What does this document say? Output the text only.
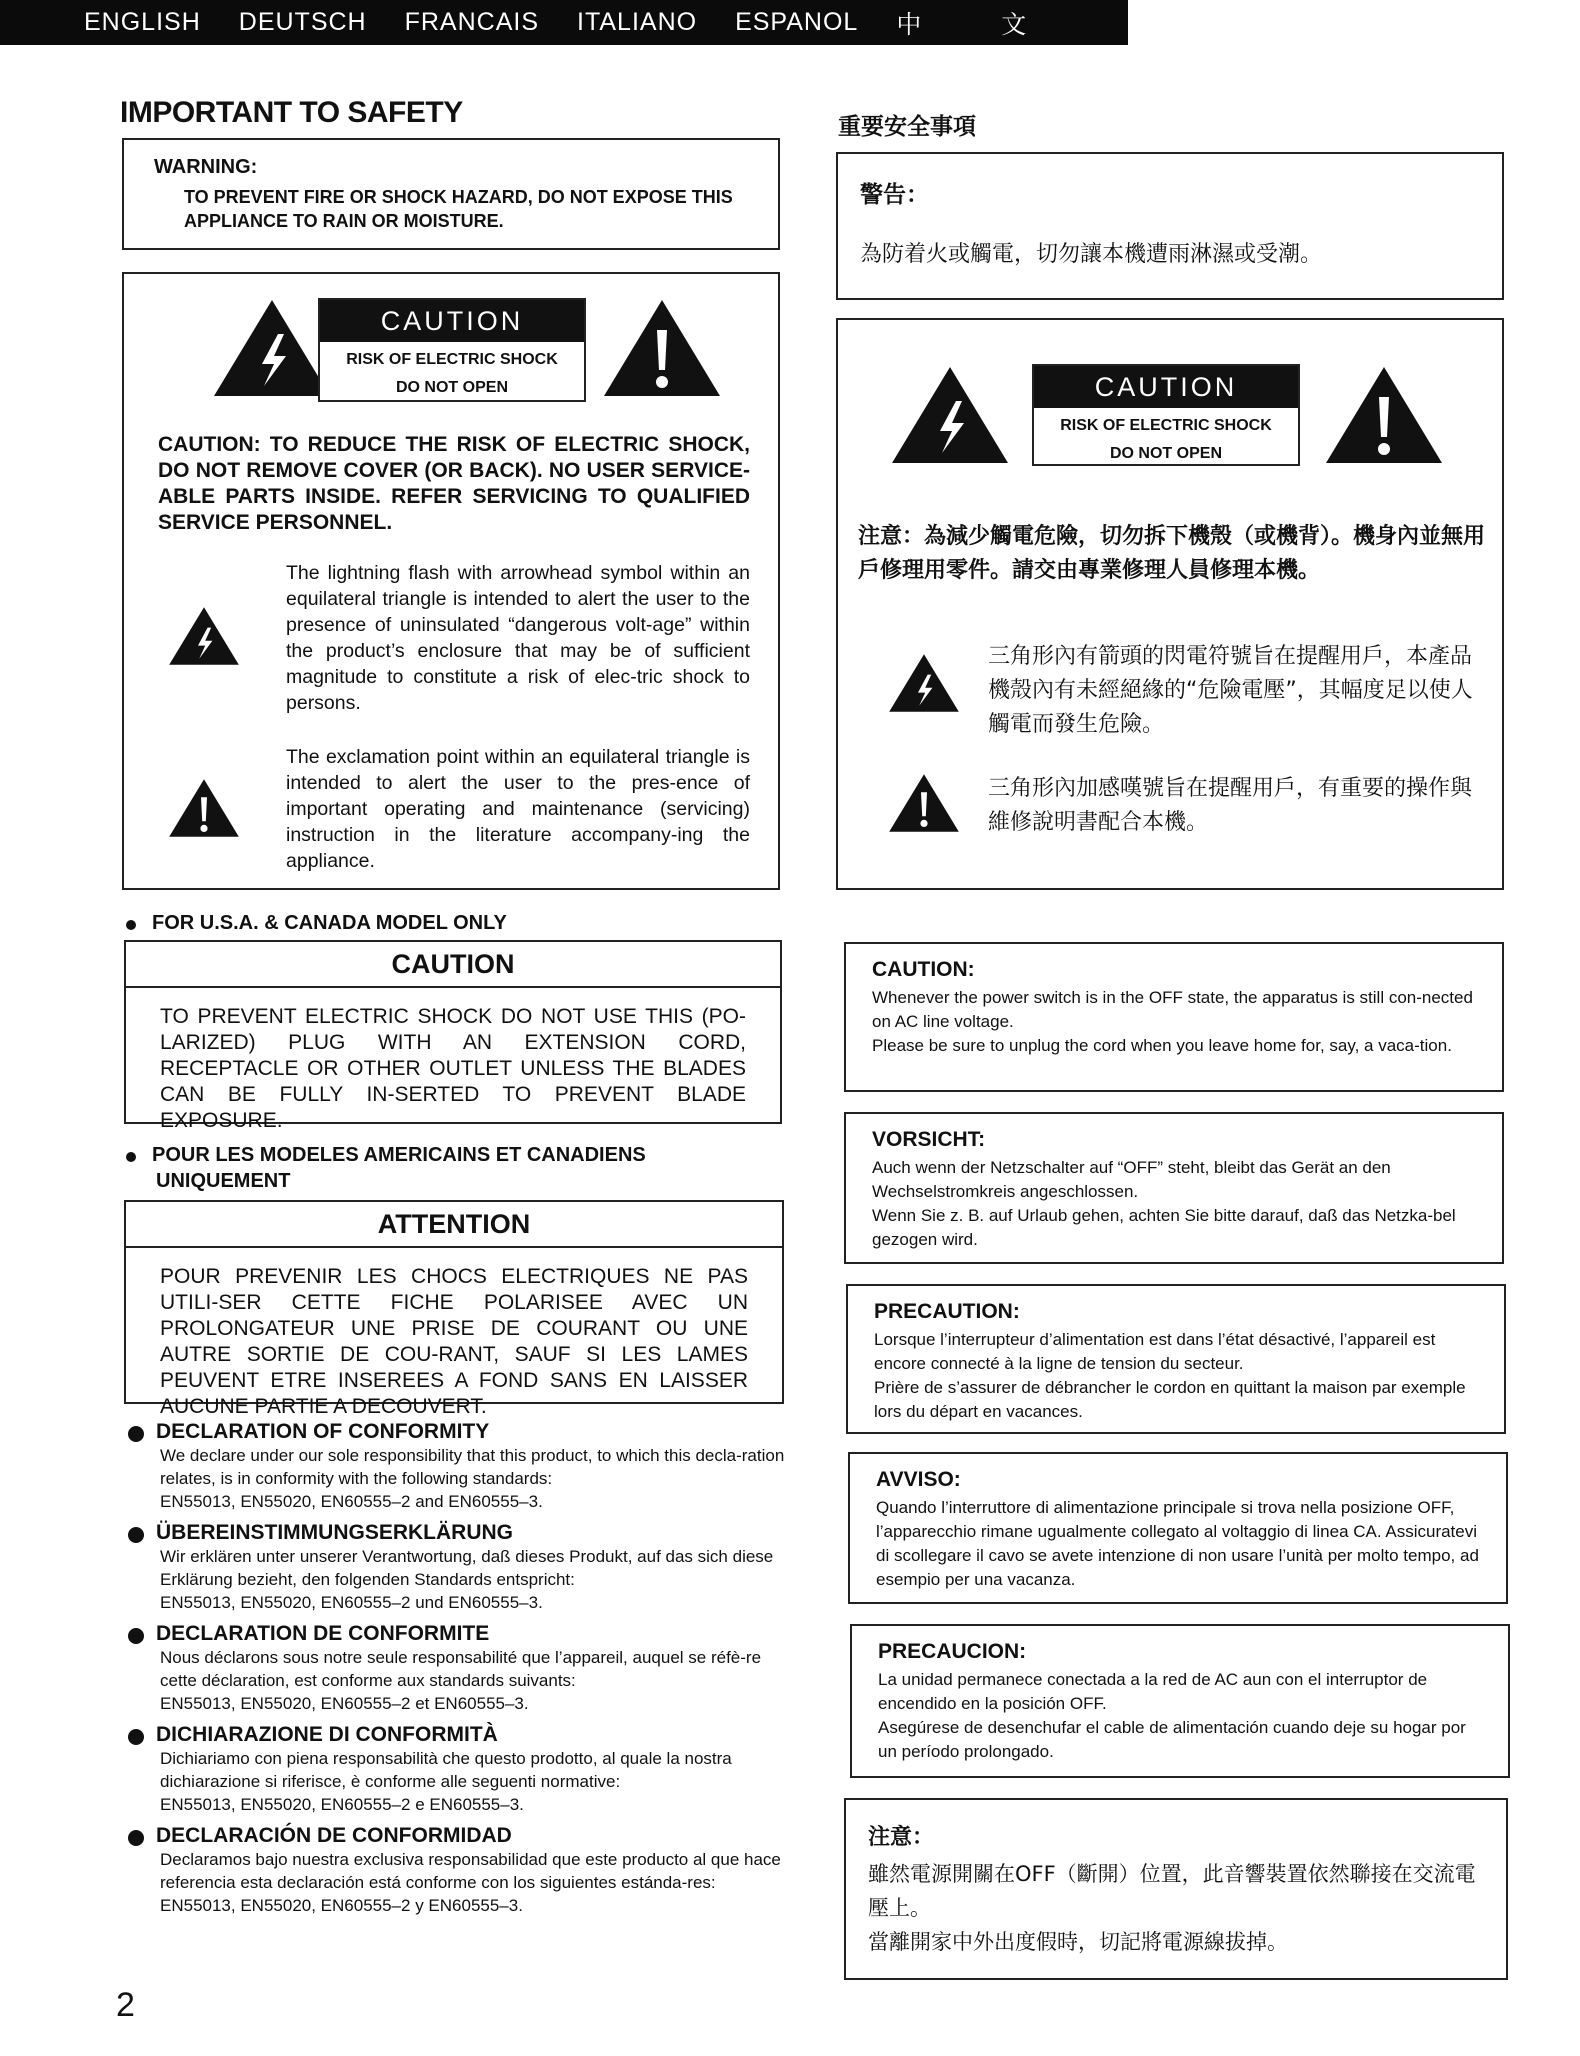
ENGLISH DEUTSCH FRANCAIS ITALIANO ESPANOL 中 文
IMPORTANT TO SAFETY
WARNING:
TO PREVENT FIRE OR SHOCK HAZARD, DO NOT EXPOSE THIS
APPLIANCE TO RAIN OR MOISTURE.
CAUTION
RISK OF ELECTRIC SHOCK
DO NOT OPEN
CAUTION: TO REDUCE THE RISK OF ELECTRIC SHOCK, DO NOT REMOVE COVER (OR BACK). NO USER SERVICE-ABLE PARTS INSIDE. REFER SERVICING TO QUALIFIED SERVICE PERSONNEL.
The lightning flash with arrowhead symbol within an equilateral triangle is intended to alert the user to the presence of uninsulated “dangerous volt-age” within the product’s enclosure that may be of sufficient magnitude to constitute a risk of elec-tric shock to persons.
The exclamation point within an equilateral triangle is intended to alert the user to the pres-ence of important operating and maintenance (servicing) instruction in the literature accompany-ing the appliance.
FOR U.S.A. & CANADA MODEL ONLY
CAUTION
TO PREVENT ELECTRIC SHOCK DO NOT USE THIS (PO-LARIZED) PLUG WITH AN EXTENSION CORD, RECEPTACLE OR OTHER OUTLET UNLESS THE BLADES CAN BE FULLY IN-SERTED TO PREVENT BLADE EXPOSURE.
POUR LES MODELES AMERICAINS ET CANADIENS
UNIQUEMENT
ATTENTION
POUR PREVENIR LES CHOCS ELECTRIQUES NE PAS UTILI-SER CETTE FICHE POLARISEE AVEC UN PROLONGATEUR UNE PRISE DE COURANT OU UNE AUTRE SORTIE DE COU-RANT, SAUF SI LES LAMES PEUVENT ETRE INSEREES A FOND SANS EN LAISSER AUCUNE PARTIE A DECOUVERT.
DECLARATION OF CONFORMITY
We declare under our sole responsibility that this product, to which this decla-ration relates, is in conformity with the following standards:
EN55013, EN55020, EN60555–2 and EN60555–3.
ÜBEREINSTIMMUNGSERKLÄRUNG
Wir erklären unter unserer Verantwortung, daß dieses Produkt, auf das sich diese Erklärung bezieht, den folgenden Standards entspricht:
EN55013, EN55020, EN60555–2 und EN60555–3.
DECLARATION DE CONFORMITE
Nous déclarons sous notre seule responsabilité que l’appareil, auquel se réfè-re cette déclaration, est conforme aux standards suivants:
EN55013, EN55020, EN60555–2 et EN60555–3.
DICHIARAZIONE DI CONFORMITÀ
Dichiariamo con piena responsabilità che questo prodotto, al quale la nostra dichiarazione si riferisce, è conforme alle seguenti normative:
EN55013, EN55020, EN60555–2 e EN60555–3.
DECLARACIÓN DE CONFORMIDAD
Declaramos bajo nuestra exclusiva responsabilidad que este producto al que hace referencia esta declaración está conforme con los siguientes estánda-res:
EN55013, EN55020, EN60555–2 y EN60555–3.
2
重要安全事項
警告：
為防着火或觸電，切勿讓本機遭雨淋濕或受潮。
CAUTION
RISK OF ELECTRIC SHOCK
DO NOT OPEN
注意：為減少觸電危險，切勿拆下機殼（或機背）。機身內並無用戶修理用零件。請交由專業修理人員修理本機。
三角形內有箭頭的閃電符號旨在提醒用戶，本產品機殼內有未經絕緣的“危險電壓”，其幅度足以使人觸電而發生危險。
三角形內加感嘆號旨在提醒用戶，有重要的操作與維修說明書配合本機。
CAUTION:
Whenever the power switch is in the OFF state, the apparatus is still con-nected on AC line voltage.
Please be sure to unplug the cord when you leave home for, say, a vaca-tion.
VORSICHT:
Auch wenn der Netzschalter auf “OFF” steht, bleibt das Gerät an den Wechselstromkreis angeschlossen.
Wenn Sie z. B. auf Urlaub gehen, achten Sie bitte darauf, daß das Netzka-bel gezogen wird.
PRECAUTION:
Lorsque l’interrupteur d’alimentation est dans l’état désactivé, l’appareil est encore connecté à la ligne de tension du secteur.
Prière de s’assurer de débrancher le cordon en quittant la maison par exemple lors du départ en vacances.
AVVISO:
Quando l’interruttore di alimentazione principale si trova nella posizione OFF, l’apparecchio rimane ugualmente collegato al voltaggio di linea CA. Assicuratevi di scollegare il cavo se avete intenzione di non usare l’unità per molto tempo, ad esempio per una vacanza.
PRECAUCION:
La unidad permanece conectada a la red de AC aun con el interruptor de encendido en la posición OFF.
Asegúrese de desenchufar el cable de alimentación cuando deje su hogar por un período prolongado.
注意：
雖然電源開關在OFF（斷開）位置，此音響裝置依然聯接在交流電壓上。
當離開家中外出度假時，切記將電源線拔掉。
